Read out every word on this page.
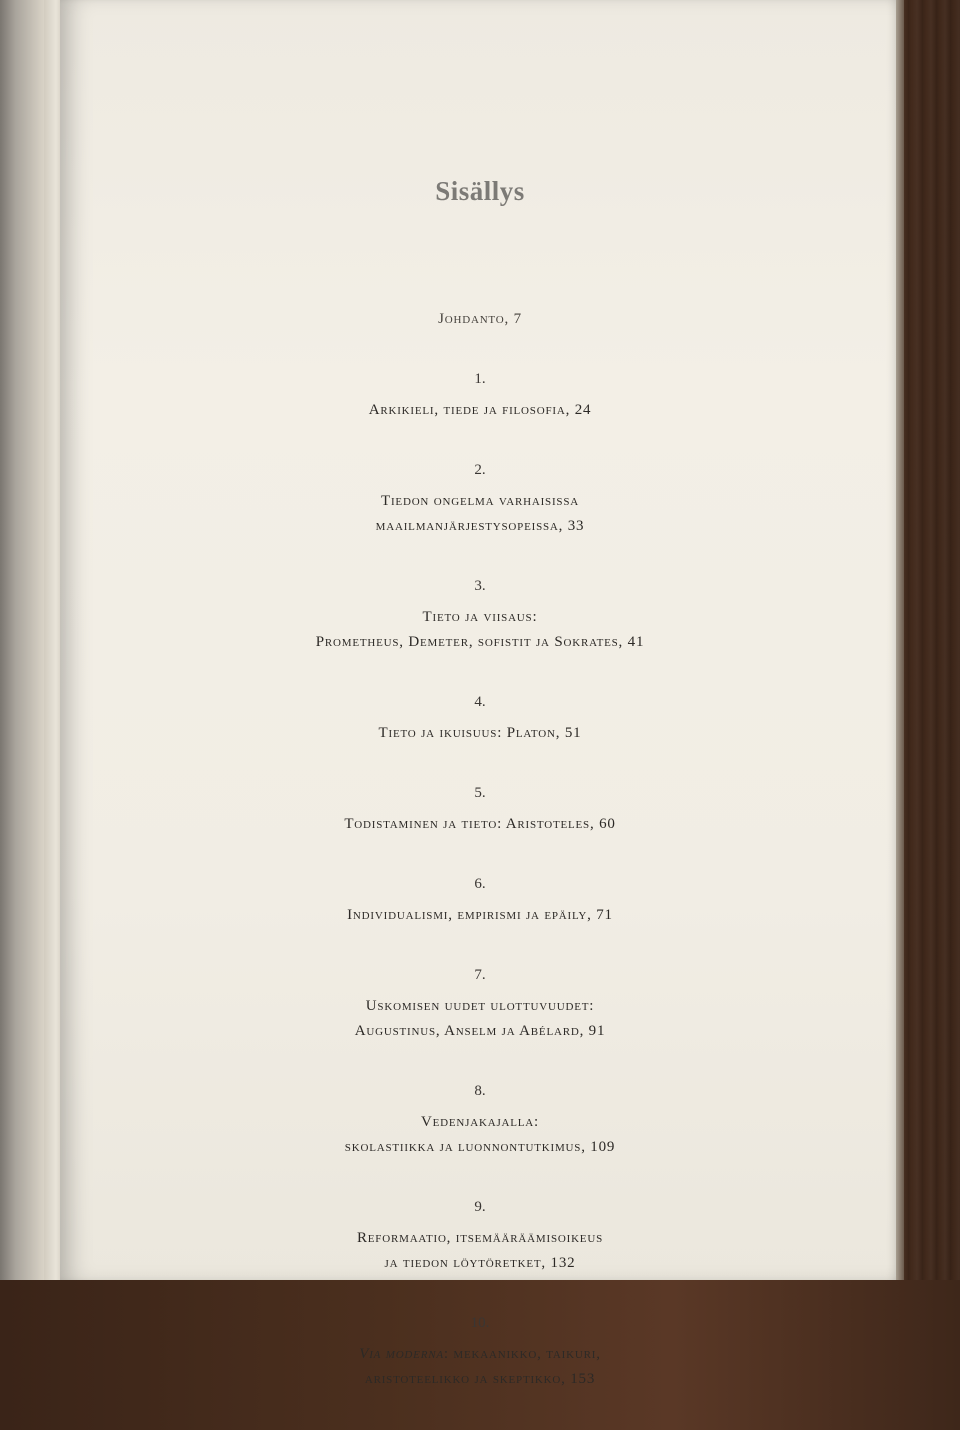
Sisällys
Johdanto, 7
1.
Arkikieli, tiede ja filosofia, 24
2.
Tiedon ongelma varhaisissa
maailmanjärjestysopeissa, 33
3.
Tieto ja viisaus:
Prometheus, Demeter, sofistit ja Sokrates, 41
4.
Tieto ja ikuisuus: Platon, 51
5.
Todistaminen ja tieto: Aristoteles, 60
6.
Individualismi, empirismi ja epäily, 71
7.
Uskomisen uudet ulottuvuudet:
Augustinus, Anselm ja Abélard, 91
8.
Vedenjakajalla:
skolastiikka ja luonnontutkimus, 109
9.
Reformaatio, itsemääräämisoikeus
ja tiedon löytöretket, 132
10.
Via moderna: mekaanikko, taikuri,
aristoteelikko ja skeptikko, 153
